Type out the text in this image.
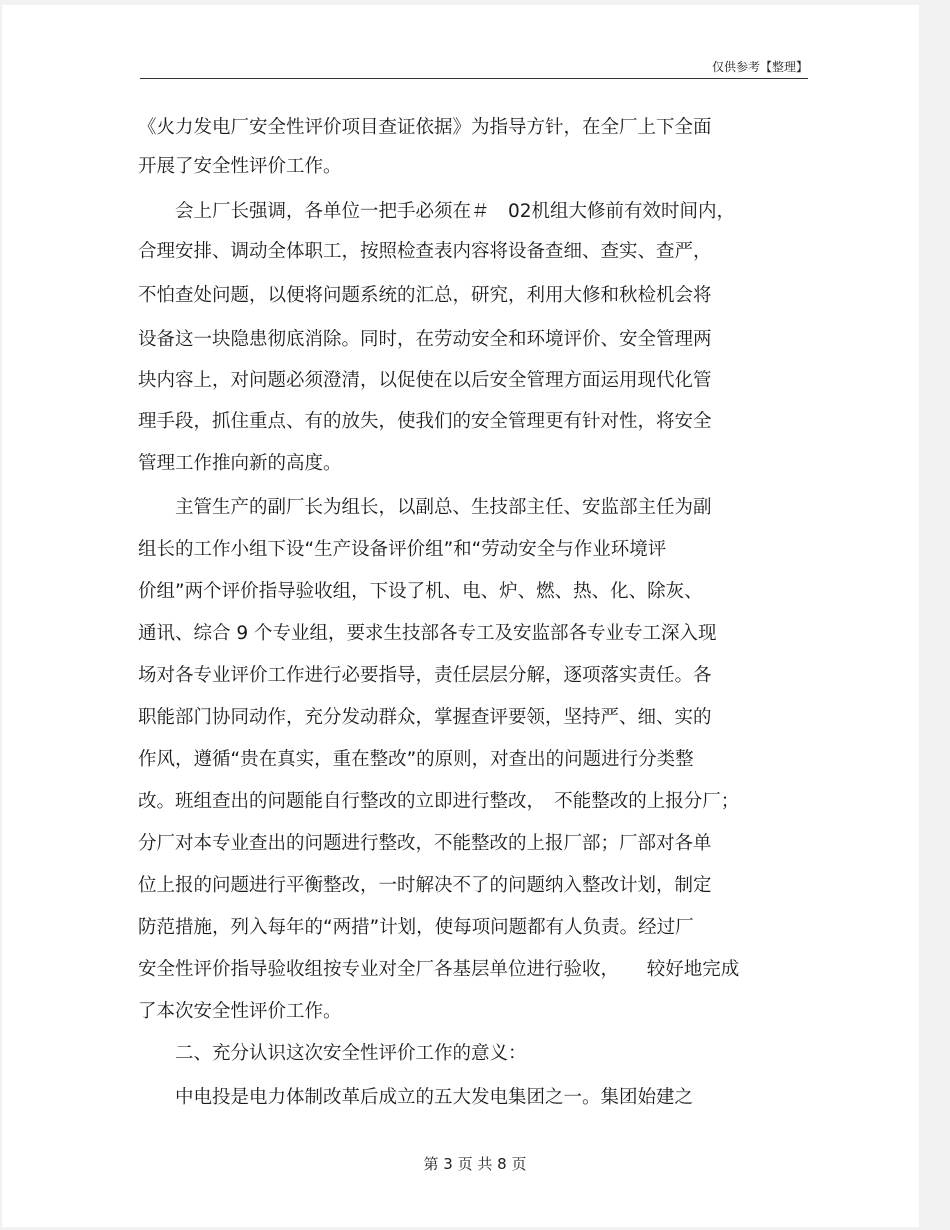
仅供参考【整理】
《火力发电厂安全性评价项目查证依据》为指导方针，在全厂上下全面
开展了安全性评价工作。
　　会上厂长强调，各单位一把手必须在＃　02机组大修前有效时间内，
合理安排、调动全体职工，按照检查表内容将设备查细、查实、查严，
不怕查处问题，以便将问题系统的汇总，研究，利用大修和秋检机会将
设备这一块隐患彻底消除。同时，在劳动安全和环境评价、安全管理两
块内容上，对问题必须澄清，以促使在以后安全管理方面运用现代化管
理手段，抓住重点、有的放失，使我们的安全管理更有针对性，将安全
管理工作推向新的高度。
　　主管生产的副厂长为组长，以副总、生技部主任、安监部主任为副
组长的工作小组下设“生产设备评价组”和“劳动安全与作业环境评
价组”两个评价指导验收组，下设了机、电、炉、燃、热、化、除灰、
通讯、综合 9 个专业组，要求生技部各专工及安监部各专业专工深入现
场对各专业评价工作进行必要指导，责任层层分解，逐项落实责任。各
职能部门协同动作，充分发动群众，掌握查评要领，坚持严、细、实的
作风，遵循“贵在真实，重在整改”的原则，对查出的问题进行分类整
改。班组查出的问题能自行整改的立即进行整改，　不能整改的上报分厂；
分厂对本专业查出的问题进行整改，不能整改的上报厂部；厂部对各单
位上报的问题进行平衡整改，一时解决不了的问题纳入整改计划，制定
防范措施，列入每年的“两措”计划，使每项问题都有人负责。经过厂
安全性评价指导验收组按专业对全厂各基层单位进行验收，　　较好地完成
了本次安全性评价工作。
　　二、充分认识这次安全性评价工作的意义：
　　中电投是电力体制改革后成立的五大发电集团之一。集团始建之
第 3 页 共 8 页
